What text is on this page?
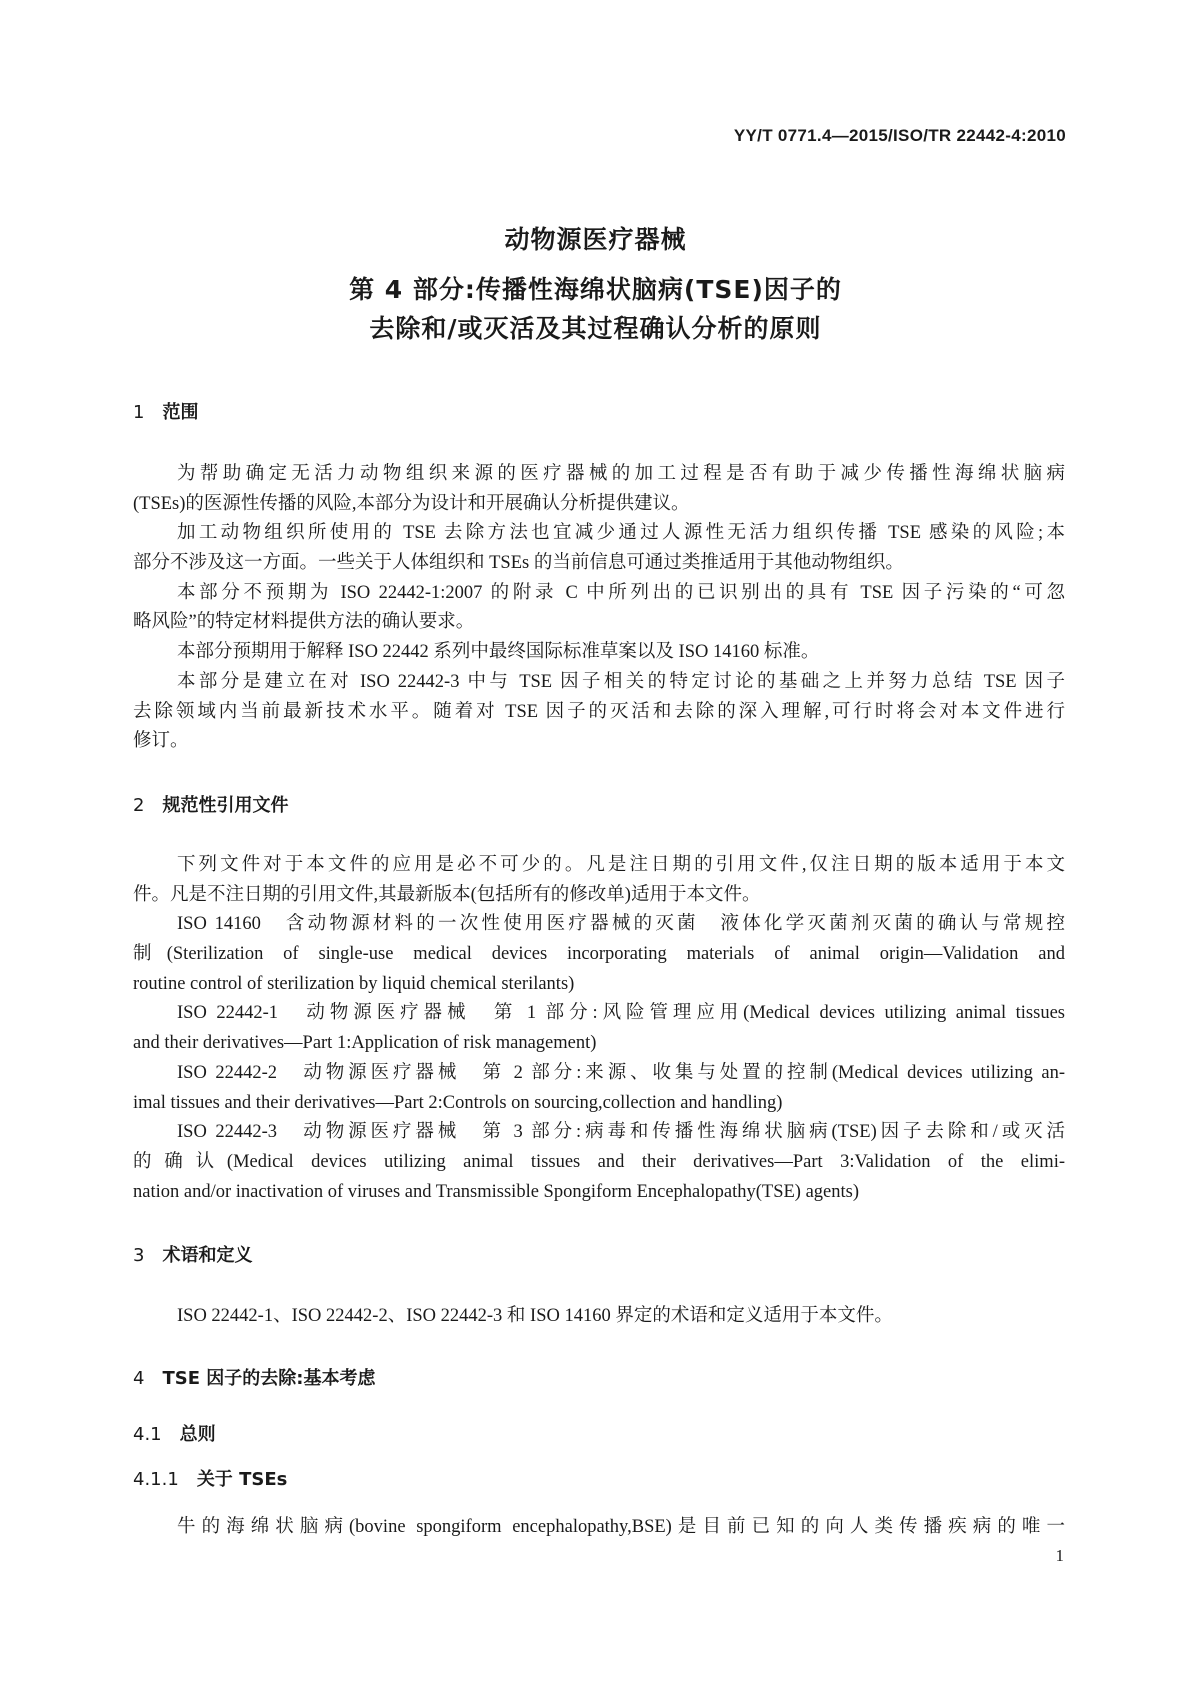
YY/T 0771.4—2015/ISO/TR 22442-4:2010
动物源医疗器械
第 4 部分:传播性海绵状脑病(TSE)因子的
去除和/或灭活及其过程确认分析的原则
1 范围
为帮助确定无活力动物组织来源的医疗器械的加工过程是否有助于减少传播性海绵状脑病
(TSEs)的医源性传播的风险,本部分为设计和开展确认分析提供建议。
加工动物组织所使用的 TSE 去除方法也宜减少通过人源性无活力组织传播 TSE 感染的风险;本
部分不涉及这一方面。一些关于人体组织和 TSEs 的当前信息可通过类推适用于其他动物组织。
本部分不预期为 ISO 22442-1:2007 的附录 C 中所列出的已识别出的具有 TSE 因子污染的“可忽
略风险”的特定材料提供方法的确认要求。
本部分预期用于解释 ISO 22442 系列中最终国际标准草案以及 ISO 14160 标准。
本部分是建立在对 ISO 22442-3 中与 TSE 因子相关的特定讨论的基础之上并努力总结 TSE 因子
去除领域内当前最新技术水平。随着对 TSE 因子的灭活和去除的深入理解,可行时将会对本文件进行
修订。
2 规范性引用文件
下列文件对于本文件的应用是必不可少的。凡是注日期的引用文件,仅注日期的版本适用于本文
件。凡是不注日期的引用文件,其最新版本(包括所有的修改单)适用于本文件。
ISO 14160　含动物源材料的一次性使用医疗器械的灭菌　液体化学灭菌剂灭菌的确认与常规控
制(Sterilization of single-use medical devices incorporating materials of animal origin—Validation and
routine control of sterilization by liquid chemical sterilants)
ISO 22442-1　动物源医疗器械　第 1 部分:风险管理应用(Medical devices utilizing animal tissues
and their derivatives—Part 1:Application of risk management)
ISO 22442-2　动物源医疗器械　第 2 部分:来源、收集与处置的控制(Medical devices utilizing an-
imal tissues and their derivatives—Part 2:Controls on sourcing,collection and handling)
ISO 22442-3　动物源医疗器械　第 3 部分:病毒和传播性海绵状脑病(TSE)因子去除和/或灭活
的确认(Medical devices utilizing animal tissues and their derivatives—Part 3:Validation of the elimi-
nation and/or inactivation of viruses and Transmissible Spongiform Encephalopathy(TSE) agents)
3 术语和定义
ISO 22442-1、ISO 22442-2、ISO 22442-3 和 ISO 14160 界定的术语和定义适用于本文件。
4 TSE 因子的去除:基本考虑
4.1 总则
4.1.1 关于 TSEs
牛的海绵状脑病(bovine spongiform encephalopathy,BSE)是目前已知的向人类传播疾病的唯一
1
